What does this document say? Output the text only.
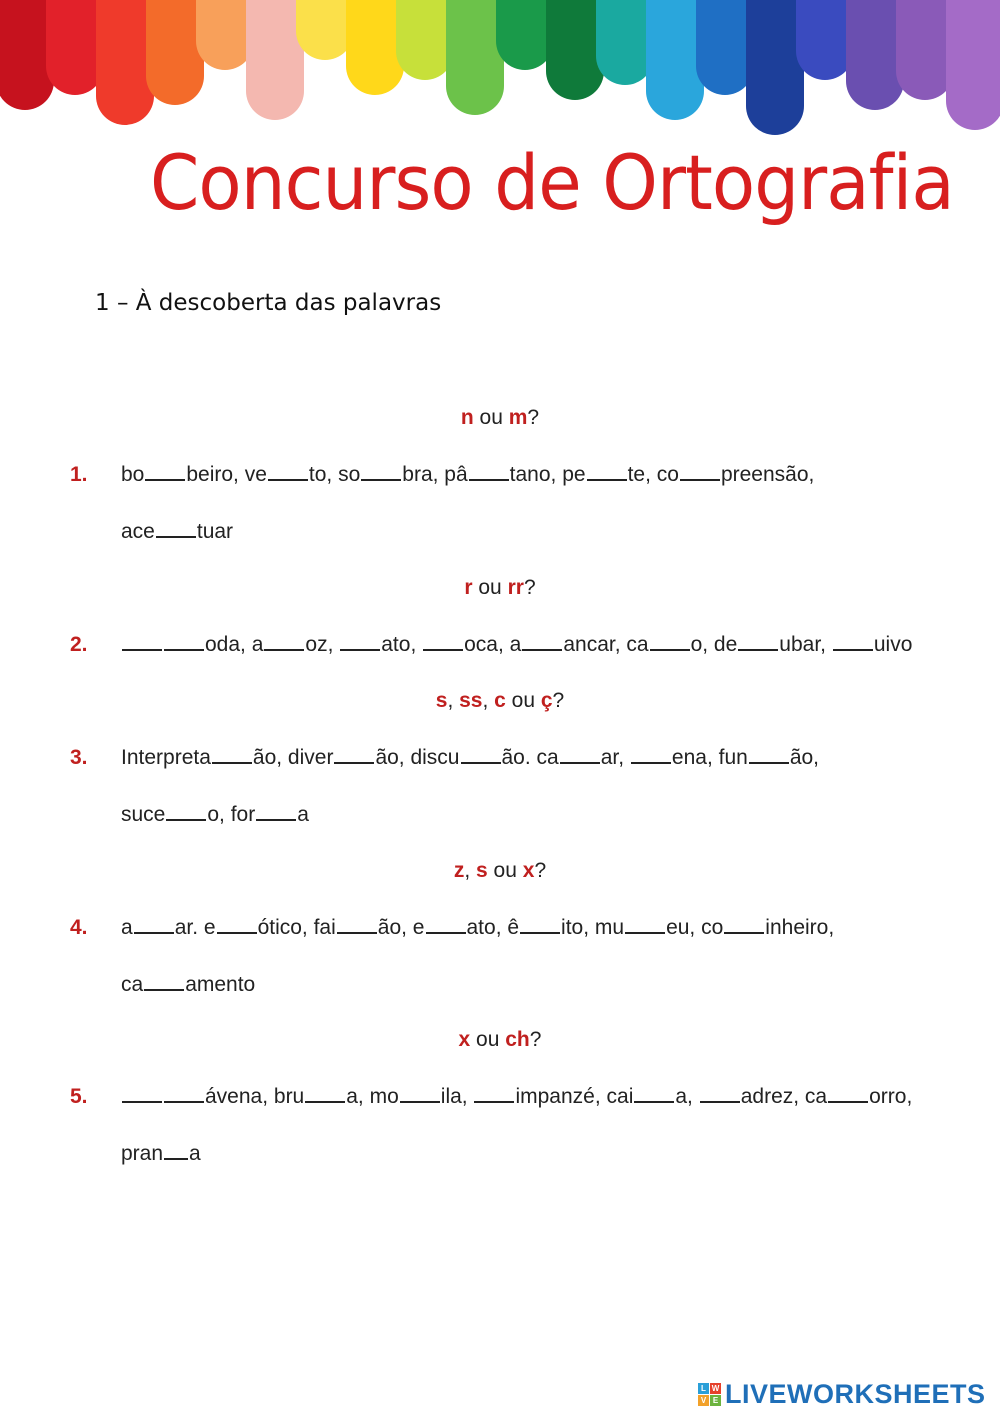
Concurso de Ortografia
1 – À descoberta das palavras
n ou m?
1. bo beiro, ve to, so bra, pâ tano, pe te, co preensão,
ace tuar
r ou rr?
2.	oda, a oz, ato, oca, a ancar, ca o, de ubar, uivo
s, ss, c ou ç?
3. Interpreta ão, diver ão, discu ão. ca ar, ena, fun ão,
suce o, for a
z, s ou x?
4. a ar. e ótico, fai ão, e ato, ê ito, mu eu, co inheiro,
ca amento
x ou ch?
5.	ávena, bru a, mo ila, impanzé, cai a, adrez, ca orro,
pran a
L W
V E LIVEWORKSHEETS
